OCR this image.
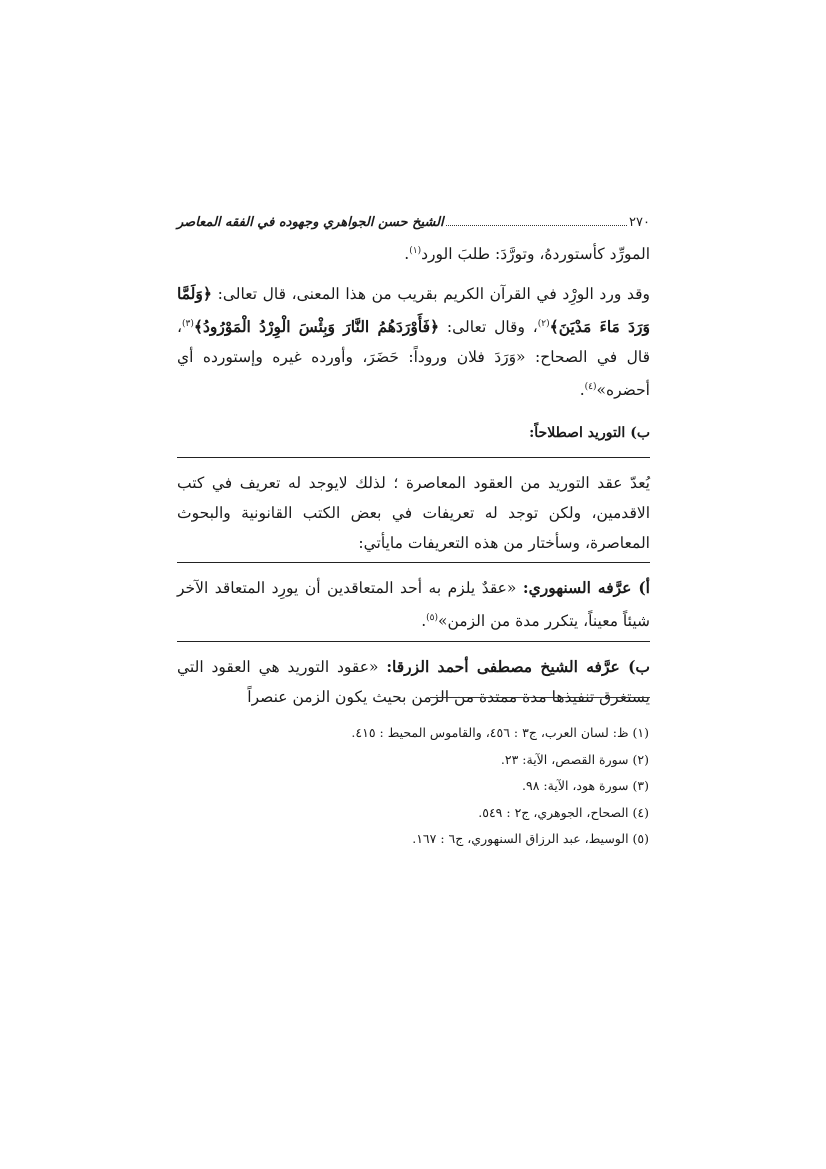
٢٧٠
الشيخ حسن الجواهري وجهوده في الفقه المعاصر

المورِّد كأستوردهُ، وتورَّدَ: طلبَ الورد$^{(١)}$.

وقد ورد الورِْد في القرآن الكريم بقريب من هذا المعنى، قال تعالى: ﴿وَلَمَّا وَرَدَ مَاءَ مَدْيَنَ﴾$^{(٢)}$، وقال تعالى: ﴿فَأَوْرَدَهُمُ النَّارَ وَبِئْسَ الْوِرْدُ الْمَوْرُودُ﴾$^{(٣)}$، قال في الصحاح: «وَرَدَ فلان وروداً: حَضَرَ، وأورده غيره وإستورده أي أحضره»$^{(٤)}$.

ب) التوريد اصطلاحاً:

يُعدّ عقد التوريد من العقود المعاصرة ؛ لذلك لايوجد له تعريف في كتب الاقدمين، ولكن توجد له تعريفات في بعض الكتب القانونية والبحوث المعاصرة، وسأختار من هذه التعريفات مايأتي:

أ) عرَّفه السنهوري: «عقدٌ يلزم به أحد المتعاقدين أن يورِد المتعاقد الآخر شيئاً معيناً، يتكرر مدة من الزمن»$^{(٥)}$.

ب) عرَّفه الشيخ مصطفى أحمد الزرقا: «عقود التوريد هي العقود التي يستغرق تنفيذها مدة ممتدة من الزمن بحيث يكون الزمن عنصراً

(١) ظ: لسان العرب، ج٣ : ٤٥٦، والقاموس المحيط : ٤١٥.
(٢) سورة القصص، الآية: ٢٣.
(٣) سورة هود، الآية: ٩٨.
(٤) الصحاح، الجوهري، ج٢ : ٥٤٩.
(٥) الوسيط، عبد الرزاق السنهوري، ج٦ : ١٦٧.
